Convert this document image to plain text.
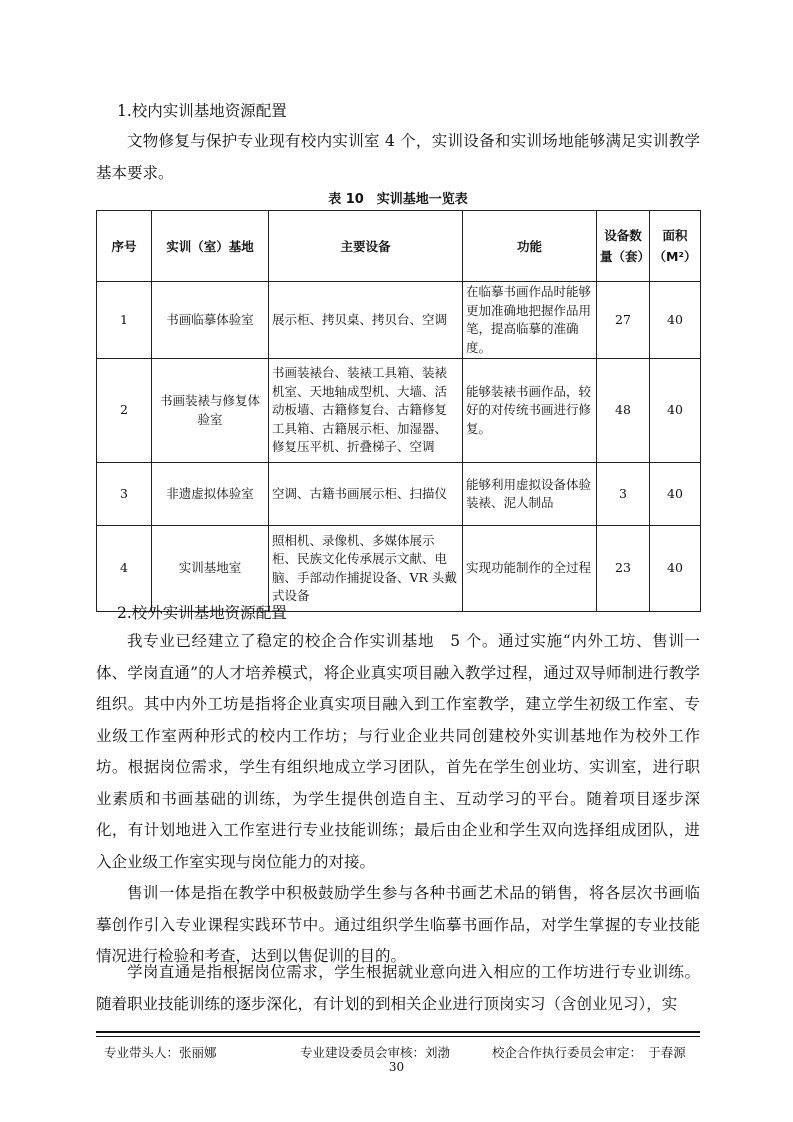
1.校内实训基地资源配置

文物修复与保护专业现有校内实训室 4 个，实训设备和实训场地能够满足实训教学基本要求。

表 10　实训基地一览表
序号	实训（室）基地	主要设备	功能	设备数量（套）	面积（M²）
1	书画临摹体验室	展示柜、拷贝桌、拷贝台、空调	在临摹书画作品时能够更加准确地把握作品用笔，提高临摹的准确度。	27	40
2	书画装裱与修复体验室	书画装裱台、装裱工具箱、装裱机室、天地轴成型机、大墙、活动板墙、古籍修复台、古籍修复工具箱、古籍展示柜、加湿器、修复压平机、折叠梯子、空调	能够装裱书画作品，较好的对传统书画进行修复。	48	40
3	非遗虚拟体验室	空调、古籍书画展示柜、扫描仪	能够利用虚拟设备体验装裱、泥人制品	3	40
4	实训基地室	照相机、录像机、多媒体展示柜、民族文化传承展示文献、电脑、手部动作捕捉设备、VR 头戴式设备	实现功能制作的全过程	23	40
2.校外实训基地资源配置

我专业已经建立了稳定的校企合作实训基地　5 个。通过实施“内外工坊、售训一体、学岗直通”的人才培养模式，将企业真实项目融入教学过程，通过双导师制进行教学组织。其中内外工坊是指将企业真实项目融入到工作室教学，建立学生初级工作室、专业级工作室两种形式的校内工作坊；与行业企业共同创建校外实训基地作为校外工作坊。根据岗位需求，学生有组织地成立学习团队，首先在学生创业坊、实训室，进行职业素质和书画基础的训练，为学生提供创造自主、互动学习的平台。随着项目逐步深化，有计划地进入工作室进行专业技能训练；最后由企业和学生双向选择组成团队，进入企业级工作室实现与岗位能力的对接。

售训一体是指在教学中积极鼓励学生参与各种书画艺术品的销售，将各层次书画临摹创作引入专业课程实践环节中。通过组织学生临摹书画作品，对学生掌握的专业技能情况进行检验和考查，达到以售促训的目的。

学岗直通是指根据岗位需求，学生根据就业意向进入相应的工作坊进行专业训练。随着职业技能训练的逐步深化，有计划的到相关企业进行顶岗实习（含创业见习），实

专业带头人：张丽娜	专业建设委员会审核：刘渤	校企合作执行委员会审定：　于春源
30
